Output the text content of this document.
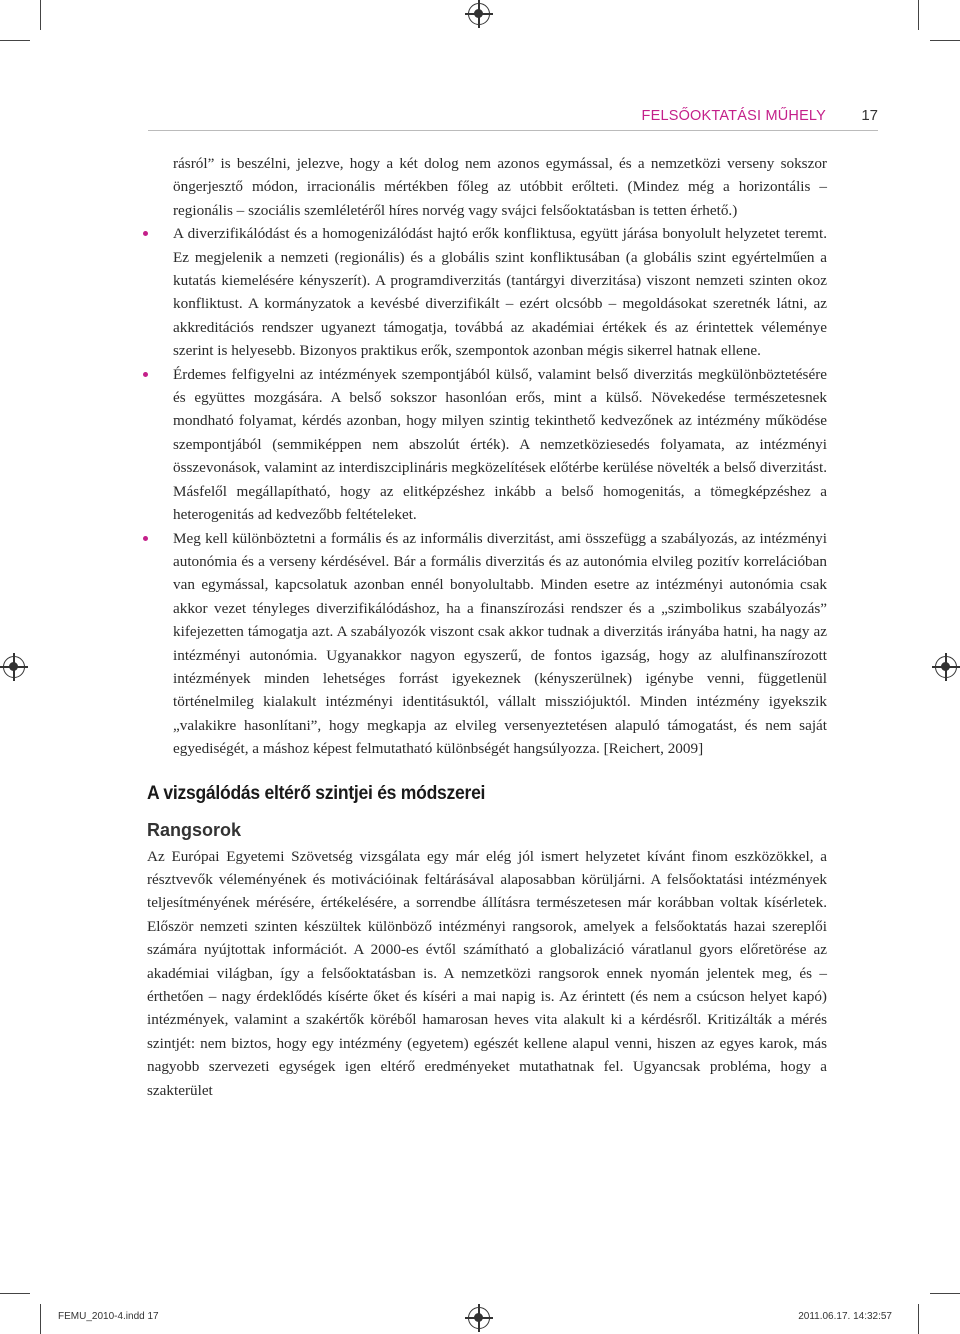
FELSŐOKTATÁSI MŰHELY 17

rásról” is beszélni, jelezve, hogy a két dolog nem azonos egymással, és a nemzetközi verseny sokszor öngerjesztő módon, irracionális mértékben főleg az utóbbit erőlteti. (Mindez még a horizontális – regionális – szociális szemléletéről híres norvég vagy svájci felsőoktatásban is tetten érhető.)

A diverzifikálódást és a homogenizálódást hajtó erők konfliktusa, együtt járása bonyolult helyzetet teremt. Ez megjelenik a nemzeti (regionális) és a globális szint konfliktusában (a globális szint egyértelműen a kutatás kiemelésére kényszerít). A programdiverzitás (tantárgyi diverzitása) viszont nemzeti szinten okoz konfliktust. A kormányzatok a kevésbé diverzifikált – ezért olcsóbb – megoldásokat szeretnék látni, az akkreditációs rendszer ugyanezt támogatja, továbbá az akadémiai értékek és az érintettek véleménye szerint is helyesebb. Bizonyos praktikus erők, szempontok azonban mégis sikerrel hatnak ellene.

Érdemes felfigyelni az intézmények szempontjából külső, valamint belső diverzitás megkülönböztetésére és együttes mozgására. A belső sokszor hasonlóan erős, mint a külső. Növekedése természetesnek mondható folyamat, kérdés azonban, hogy milyen szintig tekinthető kedvezőnek az intézmény működése szempontjából (semmiképpen nem abszolút érték). A nemzetköziesedés folyamata, az intézményi összevonások, valamint az interdiszciplináris megközelítések előtérbe kerülése növelték a belső diverzitást. Másfelől megállapítható, hogy az elitképzéshez inkább a belső homogenitás, a tömegképzéshez a heterogenitás ad kedvezőbb feltételeket.

Meg kell különböztetni a formális és az informális diverzitást, ami összefügg a szabályozás, az intézményi autonómia és a verseny kérdésével. Bár a formális diverzitás és az autonómia elvileg pozitív korrelációban van egymással, kapcsolatuk azonban ennél bonyolultabb. Minden esetre az intézményi autonómia csak akkor vezet tényleges diverzifikálódáshoz, ha a finanszírozási rendszer és a „szimbolikus szabályozás” kifejezetten támogatja azt. A szabályozók viszont csak akkor tudnak a diverzitás irányába hatni, ha nagy az intézményi autonómia. Ugyanakkor nagyon egyszerű, de fontos igazság, hogy az alulfinanszírozott intézmények minden lehetséges forrást igyekeznek (kényszerülnek) igénybe venni, függetlenül történelmileg kialakult intézményi identitásuktól, vállalt missziójuktól. Minden intézmény igyekszik „valakikre hasonlítani”, hogy megkapja az elvileg versenyeztetésen alapuló támogatást, és nem saját egyediségét, a máshoz képest felmutatható különbségét hangsúlyozza. [Reichert, 2009]

A vizsgálódás eltérő szintjei és módszerei
Rangsorok

Az Európai Egyetemi Szövetség vizsgálata egy már elég jól ismert helyzetet kívánt finom eszközökkel, a résztvevők véleményének és motivációinak feltárásával alaposabban körüljárni. A felsőoktatási intézmények teljesítményének mérésére, értékelésére, a sorrendbe állításra természetesen már korábban voltak kísérletek. Először nemzeti szinten készültek különböző intézményi rangsorok, amelyek a felsőoktatás hazai szereplői számára nyújtottak információt. A 2000-es évtől számítható a globalizáció váratlanul gyors előretörése az akadémiai világban, így a felsőoktatásban is. A nemzetközi rangsorok ennek nyomán jelentek meg, és – érthetően – nagy érdeklődés kísérte őket és kíséri a mai napig is. Az érintett (és nem a csúcson helyet kapó) intézmények, valamint a szakértők köréből hamarosan heves vita alakult ki a kérdésről. Kritizálták a mérés szintjét: nem biztos, hogy egy intézmény (egyetem) egészét kellene alapul venni, hiszen az egyes karok, más nagyobb szervezeti egységek igen eltérő eredményeket mutathatnak fel. Ugyancsak probléma, hogy a szakterület

FEMU_2010-4.indd 17	2011.06.17. 14:32:57
